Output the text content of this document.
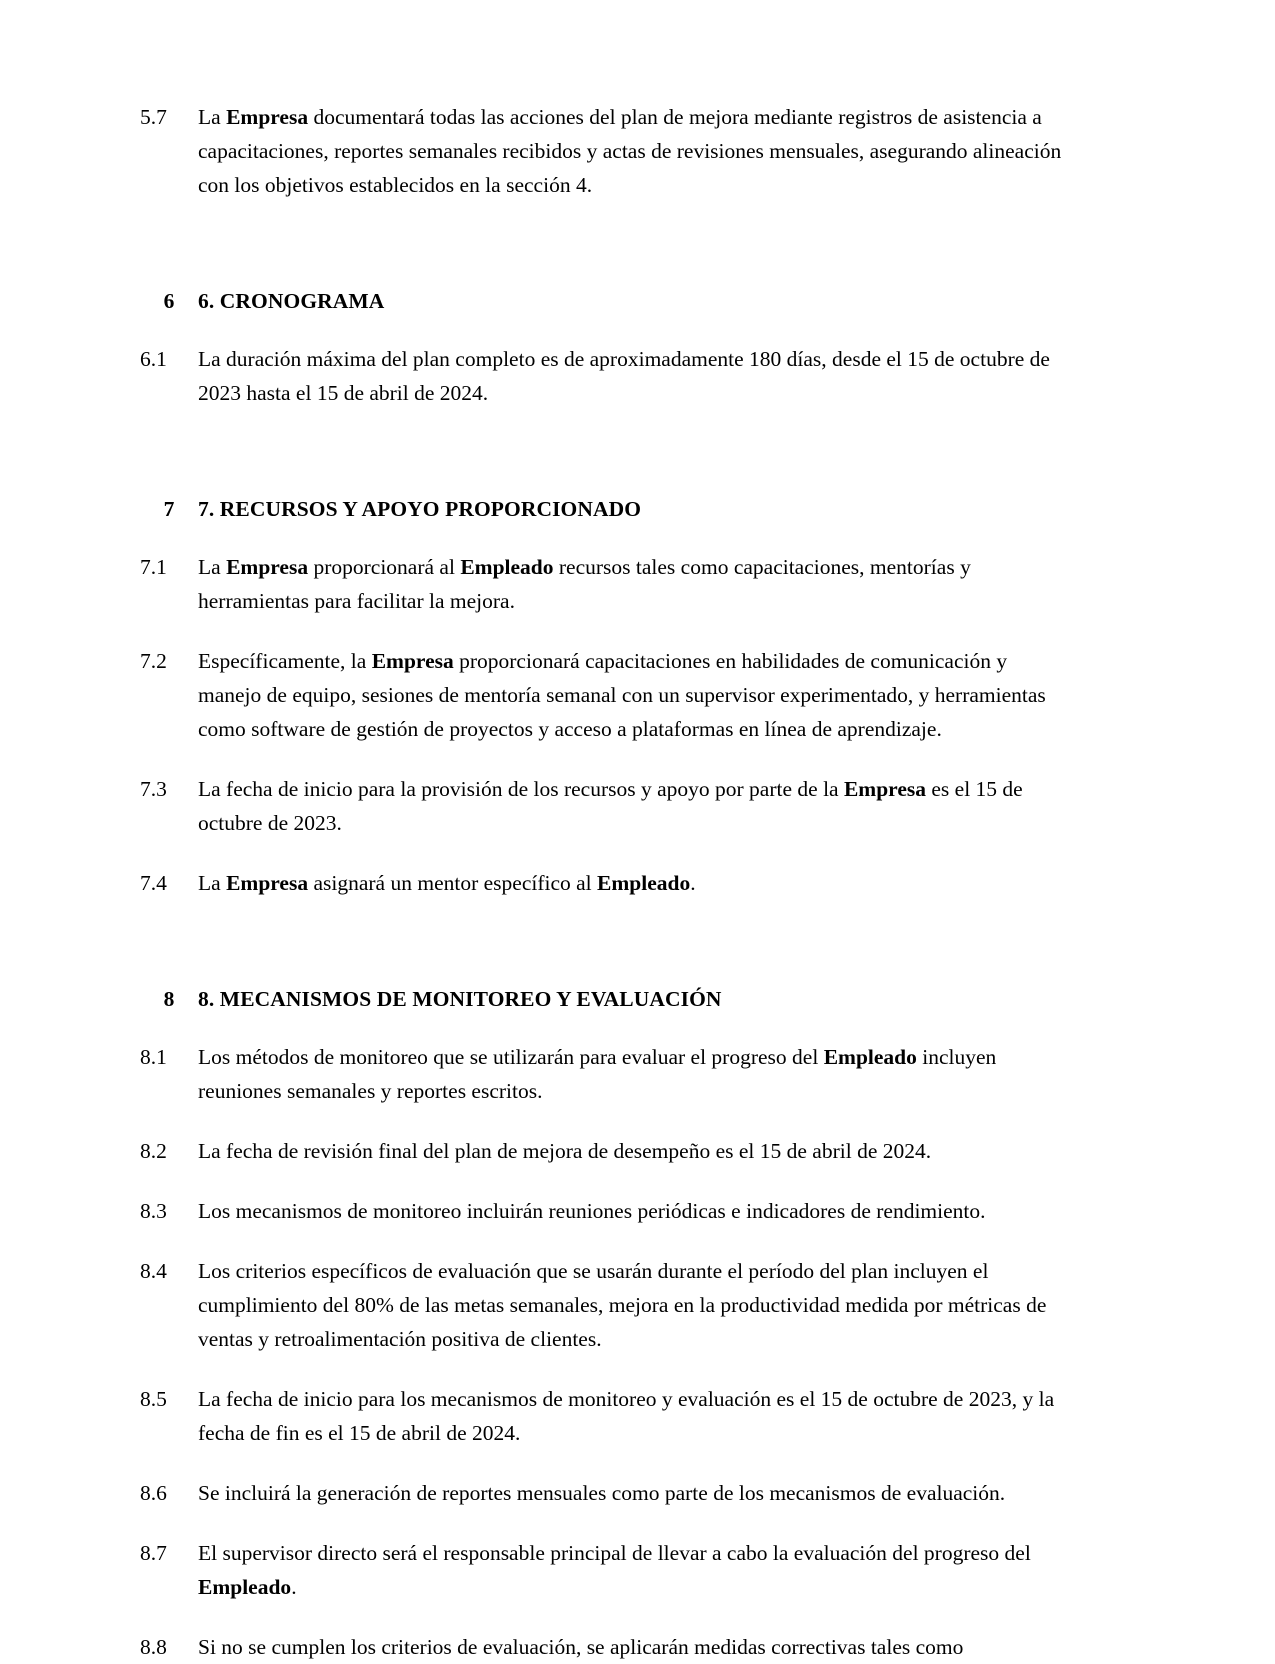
5.7	La Empresa documentará todas las acciones del plan de mejora mediante registros de asistencia a capacitaciones, reportes semanales recibidos y actas de revisiones mensuales, asegurando alineación con los objetivos establecidos en la sección 4.
6	6. CRONOGRAMA
6.1	La duración máxima del plan completo es de aproximadamente 180 días, desde el 15 de octubre de 2023 hasta el 15 de abril de 2024.
7	7. RECURSOS Y APOYO PROPORCIONADO
7.1	La Empresa proporcionará al Empleado recursos tales como capacitaciones, mentorías y herramientas para facilitar la mejora.
7.2	Específicamente, la Empresa proporcionará capacitaciones en habilidades de comunicación y manejo de equipo, sesiones de mentoría semanal con un supervisor experimentado, y herramientas como software de gestión de proyectos y acceso a plataformas en línea de aprendizaje.
7.3	La fecha de inicio para la provisión de los recursos y apoyo por parte de la Empresa es el 15 de octubre de 2023.
7.4	La Empresa asignará un mentor específico al Empleado.
8	8. MECANISMOS DE MONITOREO Y EVALUACIÓN
8.1	Los métodos de monitoreo que se utilizarán para evaluar el progreso del Empleado incluyen reuniones semanales y reportes escritos.
8.2	La fecha de revisión final del plan de mejora de desempeño es el 15 de abril de 2024.
8.3	Los mecanismos de monitoreo incluirán reuniones periódicas e indicadores de rendimiento.
8.4	Los criterios específicos de evaluación que se usarán durante el período del plan incluyen el cumplimiento del 80% de las metas semanales, mejora en la productividad medida por métricas de ventas y retroalimentación positiva de clientes.
8.5	La fecha de inicio para los mecanismos de monitoreo y evaluación es el 15 de octubre de 2023, y la fecha de fin es el 15 de abril de 2024.
8.6	Se incluirá la generación de reportes mensuales como parte de los mecanismos de evaluación.
8.7	El supervisor directo será el responsable principal de llevar a cabo la evaluación del progreso del Empleado.
8.8	Si no se cumplen los criterios de evaluación, se aplicarán medidas correctivas tales como
